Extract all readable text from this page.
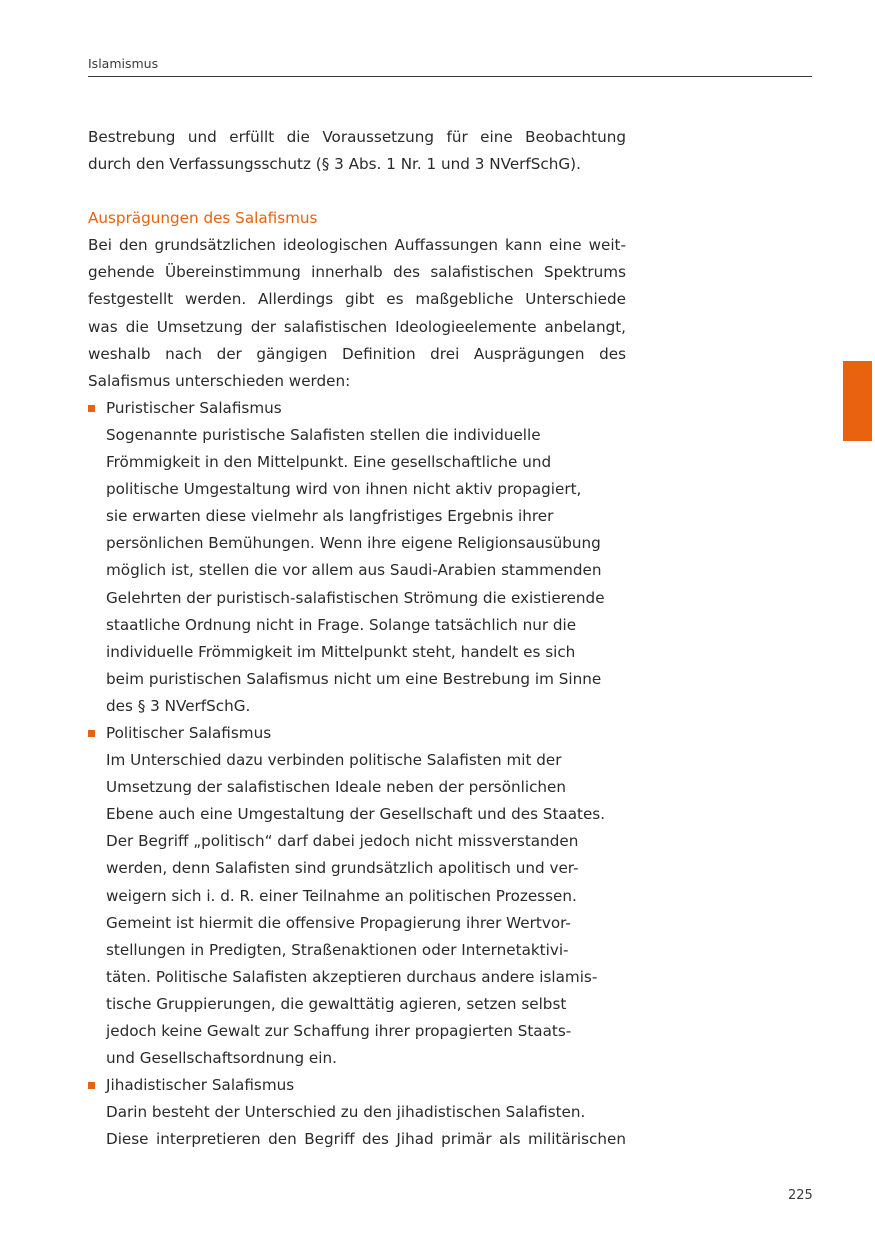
Islamismus
Bestrebung und erfüllt die Voraussetzung für eine Beobachtung
durch den Verfassungsschutz (§ 3 Abs. 1 Nr. 1 und 3 NVerfSchG).
Ausprägungen des Salafismus
Bei den grundsätzlichen ideologischen Auffassungen kann eine weit-
gehende Übereinstimmung innerhalb des salafistischen Spektrums
festgestellt werden. Allerdings gibt es maßgebliche Unterschiede
was die Umsetzung der salafistischen Ideologieelemente anbelangt,
weshalb nach der gängigen Definition drei Ausprägungen des
Salafismus unterschieden werden:
Puristischer Salafismus
Sogenannte puristische Salafisten stellen die individuelle
Frömmigkeit in den Mittelpunkt. Eine gesellschaftliche und
politische Umgestaltung wird von ihnen nicht aktiv propagiert,
sie erwarten diese vielmehr als langfristiges Ergebnis ihrer
persönlichen Bemühungen. Wenn ihre eigene Religionsausübung
möglich ist, stellen die vor allem aus Saudi-Arabien stammenden
Gelehrten der puristisch-salafistischen Strömung die existierende
staatliche Ordnung nicht in Frage. Solange tatsächlich nur die
individuelle Frömmigkeit im Mittelpunkt steht, handelt es sich
beim puristischen Salafismus nicht um eine Bestrebung im Sinne
des § 3 NVerfSchG.
Politischer Salafismus
Im Unterschied dazu verbinden politische Salafisten mit der
Umsetzung der salafistischen Ideale neben der persönlichen
Ebene auch eine Umgestaltung der Gesellschaft und des Staates.
Der Begriff „politisch“ darf dabei jedoch nicht missverstanden
werden, denn Salafisten sind grundsätzlich apolitisch und ver-
weigern sich i. d. R. einer Teilnahme an politischen Prozessen.
Gemeint ist hiermit die offensive Propagierung ihrer Wertvor-
stellungen in Predigten, Straßenaktionen oder Internetaktivi-
täten. Politische Salafisten akzeptieren durchaus andere islamis-
tische Gruppierungen, die gewalttätig agieren, setzen selbst
jedoch keine Gewalt zur Schaffung ihrer propagierten Staats-
und Gesellschaftsordnung ein.
Jihadistischer Salafismus
Darin besteht der Unterschied zu den jihadistischen Salafisten.
Diese interpretieren den Begriff des Jihad primär als militärischen
225
